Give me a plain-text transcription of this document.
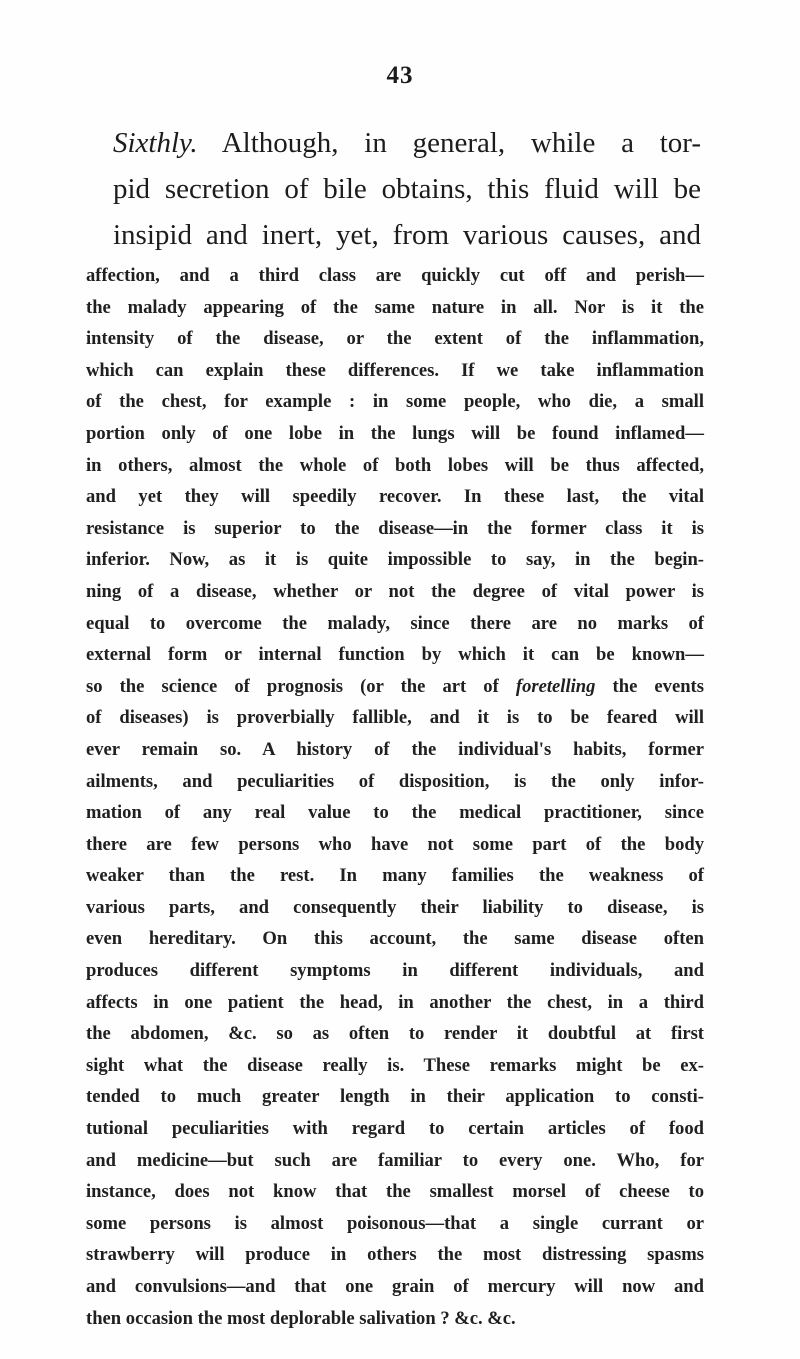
43
Sixthly. Although, in general, while a tor-
pid secretion of bile obtains, this fluid will be
insipid and inert, yet, from various causes, and
affection, and a third class are quickly cut off and perish—
the malady appearing of the same nature in all. Nor is it the
intensity of the disease, or the extent of the inflammation,
which can explain these differences. If we take inflammation
of the chest, for example : in some people, who die, a small
portion only of one lobe in the lungs will be found inflamed—
in others, almost the whole of both lobes will be thus affected,
and yet they will speedily recover. In these last, the vital
resistance is superior to the disease—in the former class it is
inferior. Now, as it is quite impossible to say, in the begin-
ning of a disease, whether or not the degree of vital power is
equal to overcome the malady, since there are no marks of
external form or internal function by which it can be known—
so the science of prognosis (or the art of foretelling the events
of diseases) is proverbially fallible, and it is to be feared will
ever remain so. A history of the individual's habits, former
ailments, and peculiarities of disposition, is the only infor-
mation of any real value to the medical practitioner, since
there are few persons who have not some part of the body
weaker than the rest. In many families the weakness of
various parts, and consequently their liability to disease, is
even hereditary. On this account, the same disease often
produces different symptoms in different individuals, and
affects in one patient the head, in another the chest, in a third
the abdomen, &c. so as often to render it doubtful at first
sight what the disease really is. These remarks might be ex-
tended to much greater length in their application to consti-
tutional peculiarities with regard to certain articles of food
and medicine—but such are familiar to every one. Who, for
instance, does not know that the smallest morsel of cheese to
some persons is almost poisonous—that a single currant or
strawberry will produce in others the most distressing spasms
and convulsions—and that one grain of mercury will now and
then occasion the most deplorable salivation ? &c. &c.
